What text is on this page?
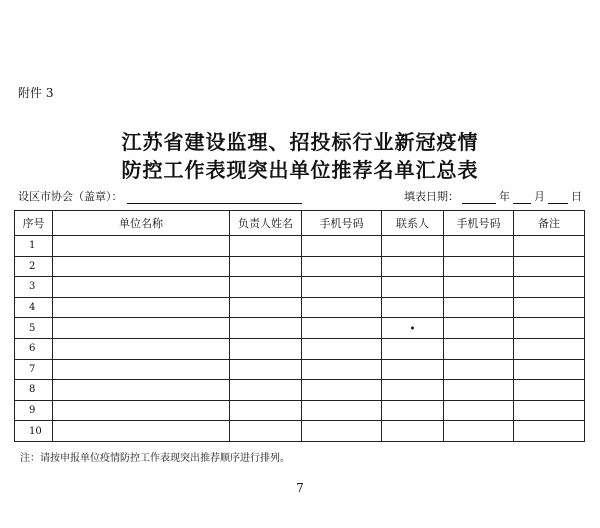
附件 3
江苏省建设监理、招投标行业新冠疫情
防控工作表现突出单位推荐名单汇总表
设区市协会（盖章）：	填表日期：	年 月 日
序号	单位名称	负责人姓名	手机号码	联系人	手机号码	备注
1						
2						
3						
4						
5				•		
6						
7						
8						
9						
10						
注：请按申报单位疫情防控工作表现突出推荐顺序进行排列。
7
